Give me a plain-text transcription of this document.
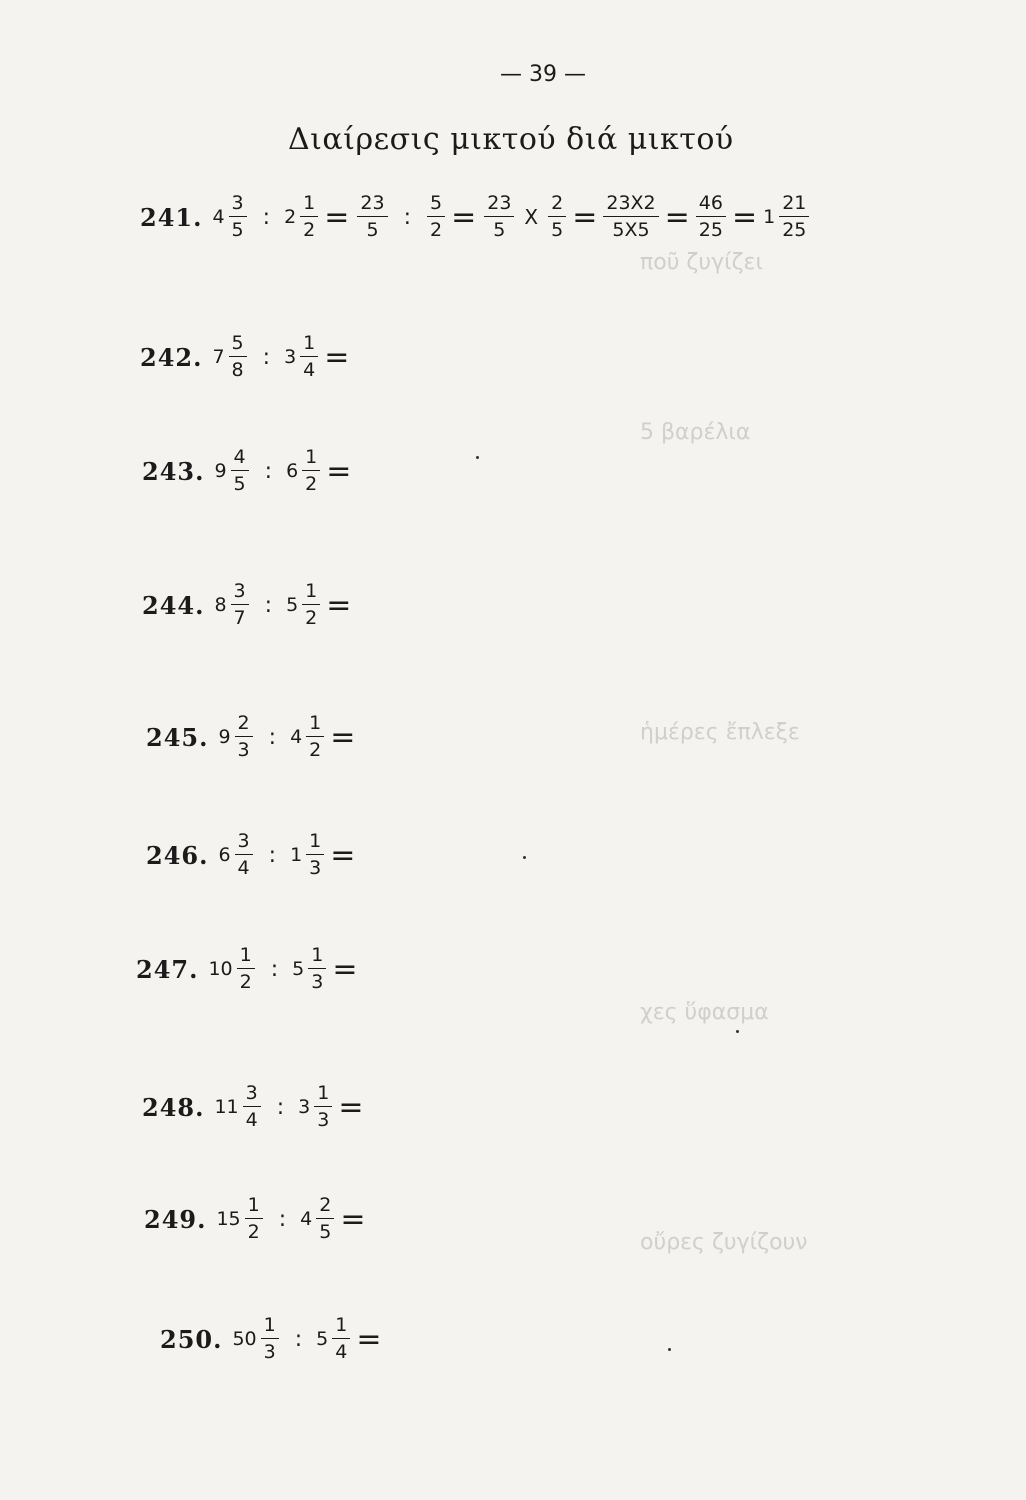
ποῦ ζυγίζει
5 βαρέλια
ἡμέρες ἔπλεξε
χες ὕφασμα
οὔρες ζυγίζουν
— 39 —
Διαίρεσις μικτού διά μικτού
241. $4 \frac{3}{5}$ : $2 \frac{1}{2} = \frac{23}{5}$ : $\frac{5}{2} = \frac{23}{5}$ X $\frac{2}{5} = \frac{23X2}{5X5} = \frac{46}{25} = 1 \frac{21}{25}$
242. $7 \frac{5}{8}$ : $3 \frac{1}{4}$ =
243. $9 \frac{4}{5}$ : $6 \frac{1}{2}$ =
244. $8 \frac{3}{7}$ : $5 \frac{1}{2}$ =
245. $9 \frac{2}{3}$ : $4 \frac{1}{2}$ =
246. $6 \frac{3}{4}$ : $1 \frac{1}{3}$ =
247. $10 \frac{1}{2}$ : $5 \frac{1}{3}$ =
248. $11 \frac{3}{4}$ : $3 \frac{1}{3}$ =
249. $15 \frac{1}{2}$ : $4 \frac{2}{5}$ =
250. $50 \frac{1}{3}$ : $5 \frac{1}{4}$ =
